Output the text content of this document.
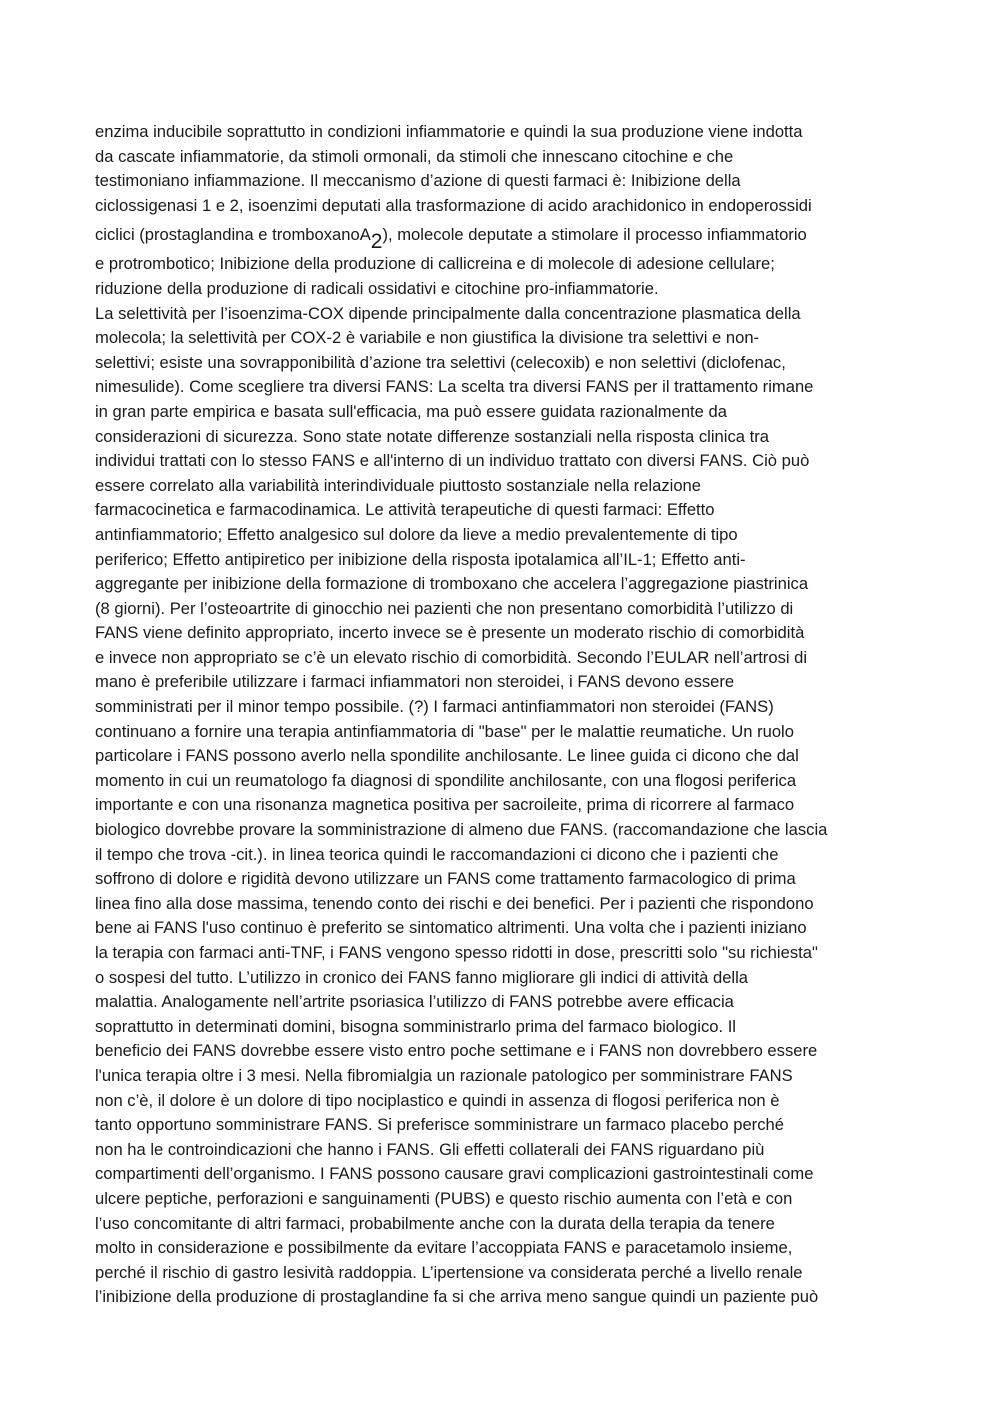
enzima inducibile soprattutto in condizioni infiammatorie e quindi la sua produzione viene indotta
da cascate infiammatorie, da stimoli ormonali, da stimoli che innescano citochine e che
testimoniano infiammazione. Il meccanismo d’azione di questi farmaci è: Inibizione della
ciclossigenasi 1 e 2, isoenzimi deputati alla trasformazione di acido arachidonico in endoperossidi
ciclici (prostaglandina e tromboxanoA2), molecole deputate a stimolare il processo infiammatorio
e protrombotico; Inibizione della produzione di callicreina e di molecole di adesione cellulare;
riduzione della produzione di radicali ossidativi e citochine pro-infiammatorie.
La selettività per l’isoenzima-COX dipende principalmente dalla concentrazione plasmatica della
molecola; la selettività per COX-2 è variabile e non giustifica la divisione tra selettivi e non-
selettivi; esiste una sovrapponibilità d’azione tra selettivi (celecoxib) e non selettivi (diclofenac,
nimesulide). Come scegliere tra diversi FANS: La scelta tra diversi FANS per il trattamento rimane
in gran parte empirica e basata sull'efficacia, ma può essere guidata razionalmente da
considerazioni di sicurezza. Sono state notate differenze sostanziali nella risposta clinica tra
individui trattati con lo stesso FANS e all'interno di un individuo trattato con diversi FANS. Ciò può
essere correlato alla variabilità interindividuale piuttosto sostanziale nella relazione
farmacocinetica e farmacodinamica. Le attività terapeutiche di questi farmaci: Effetto
antinfiammatorio; Effetto analgesico sul dolore da lieve a medio prevalentemente di tipo
periferico; Effetto antipiretico per inibizione della risposta ipotalamica all’IL-1; Effetto anti-
aggregante per inibizione della formazione di tromboxano che accelera l’aggregazione piastrinica
(8 giorni). Per l’osteoartrite di ginocchio nei pazienti che non presentano comorbidità l’utilizzo di
FANS viene definito appropriato, incerto invece se è presente un moderato rischio di comorbidità
e invece non appropriato se c’è un elevato rischio di comorbidità. Secondo l’EULAR nell’artrosi di
mano è preferibile utilizzare i farmaci infiammatori non steroidei, i FANS devono essere
somministrati per il minor tempo possibile. (?) I farmaci antinfiammatori non steroidei (FANS)
continuano a fornire una terapia antinfiammatoria di "base" per le malattie reumatiche. Un ruolo
particolare i FANS possono averlo nella spondilite anchilosante. Le linee guida ci dicono che dal
momento in cui un reumatologo fa diagnosi di spondilite anchilosante, con una flogosi periferica
importante e con una risonanza magnetica positiva per sacroileite, prima di ricorrere al farmaco
biologico dovrebbe provare la somministrazione di almeno due FANS. (raccomandazione che lascia
il tempo che trova -cit.). in linea teorica quindi le raccomandazioni ci dicono che i pazienti che
soffrono di dolore e rigidità devono utilizzare un FANS come trattamento farmacologico di prima
linea fino alla dose massima, tenendo conto dei rischi e dei benefici. Per i pazienti che rispondono
bene ai FANS l'uso continuo è preferito se sintomatico altrimenti. Una volta che i pazienti iniziano
la terapia con farmaci anti-TNF, i FANS vengono spesso ridotti in dose, prescritti solo "su richiesta"
o sospesi del tutto. L’utilizzo in cronico dei FANS fanno migliorare gli indici di attività della
malattia. Analogamente nell’artrite psoriasica l’utilizzo di FANS potrebbe avere efficacia
soprattutto in determinati domini, bisogna somministrarlo prima del farmaco biologico. Il
beneficio dei FANS dovrebbe essere visto entro poche settimane e i FANS non dovrebbero essere
l'unica terapia oltre i 3 mesi. Nella fibromialgia un razionale patologico per somministrare FANS
non c’è, il dolore è un dolore di tipo nociplastico e quindi in assenza di flogosi periferica non è
tanto opportuno somministrare FANS. Si preferisce somministrare un farmaco placebo perché
non ha le controindicazioni che hanno i FANS. Gli effetti collaterali dei FANS riguardano più
compartimenti dell’organismo. I FANS possono causare gravi complicazioni gastrointestinali come
ulcere peptiche, perforazioni e sanguinamenti (PUBS) e questo rischio aumenta con l’età e con
l’uso concomitante di altri farmaci, probabilmente anche con la durata della terapia da tenere
molto in considerazione e possibilmente da evitare l’accoppiata FANS e paracetamolo insieme,
perché il rischio di gastro lesività raddoppia. L’ipertensione va considerata perché a livello renale
l’inibizione della produzione di prostaglandine fa si che arriva meno sangue quindi un paziente può
